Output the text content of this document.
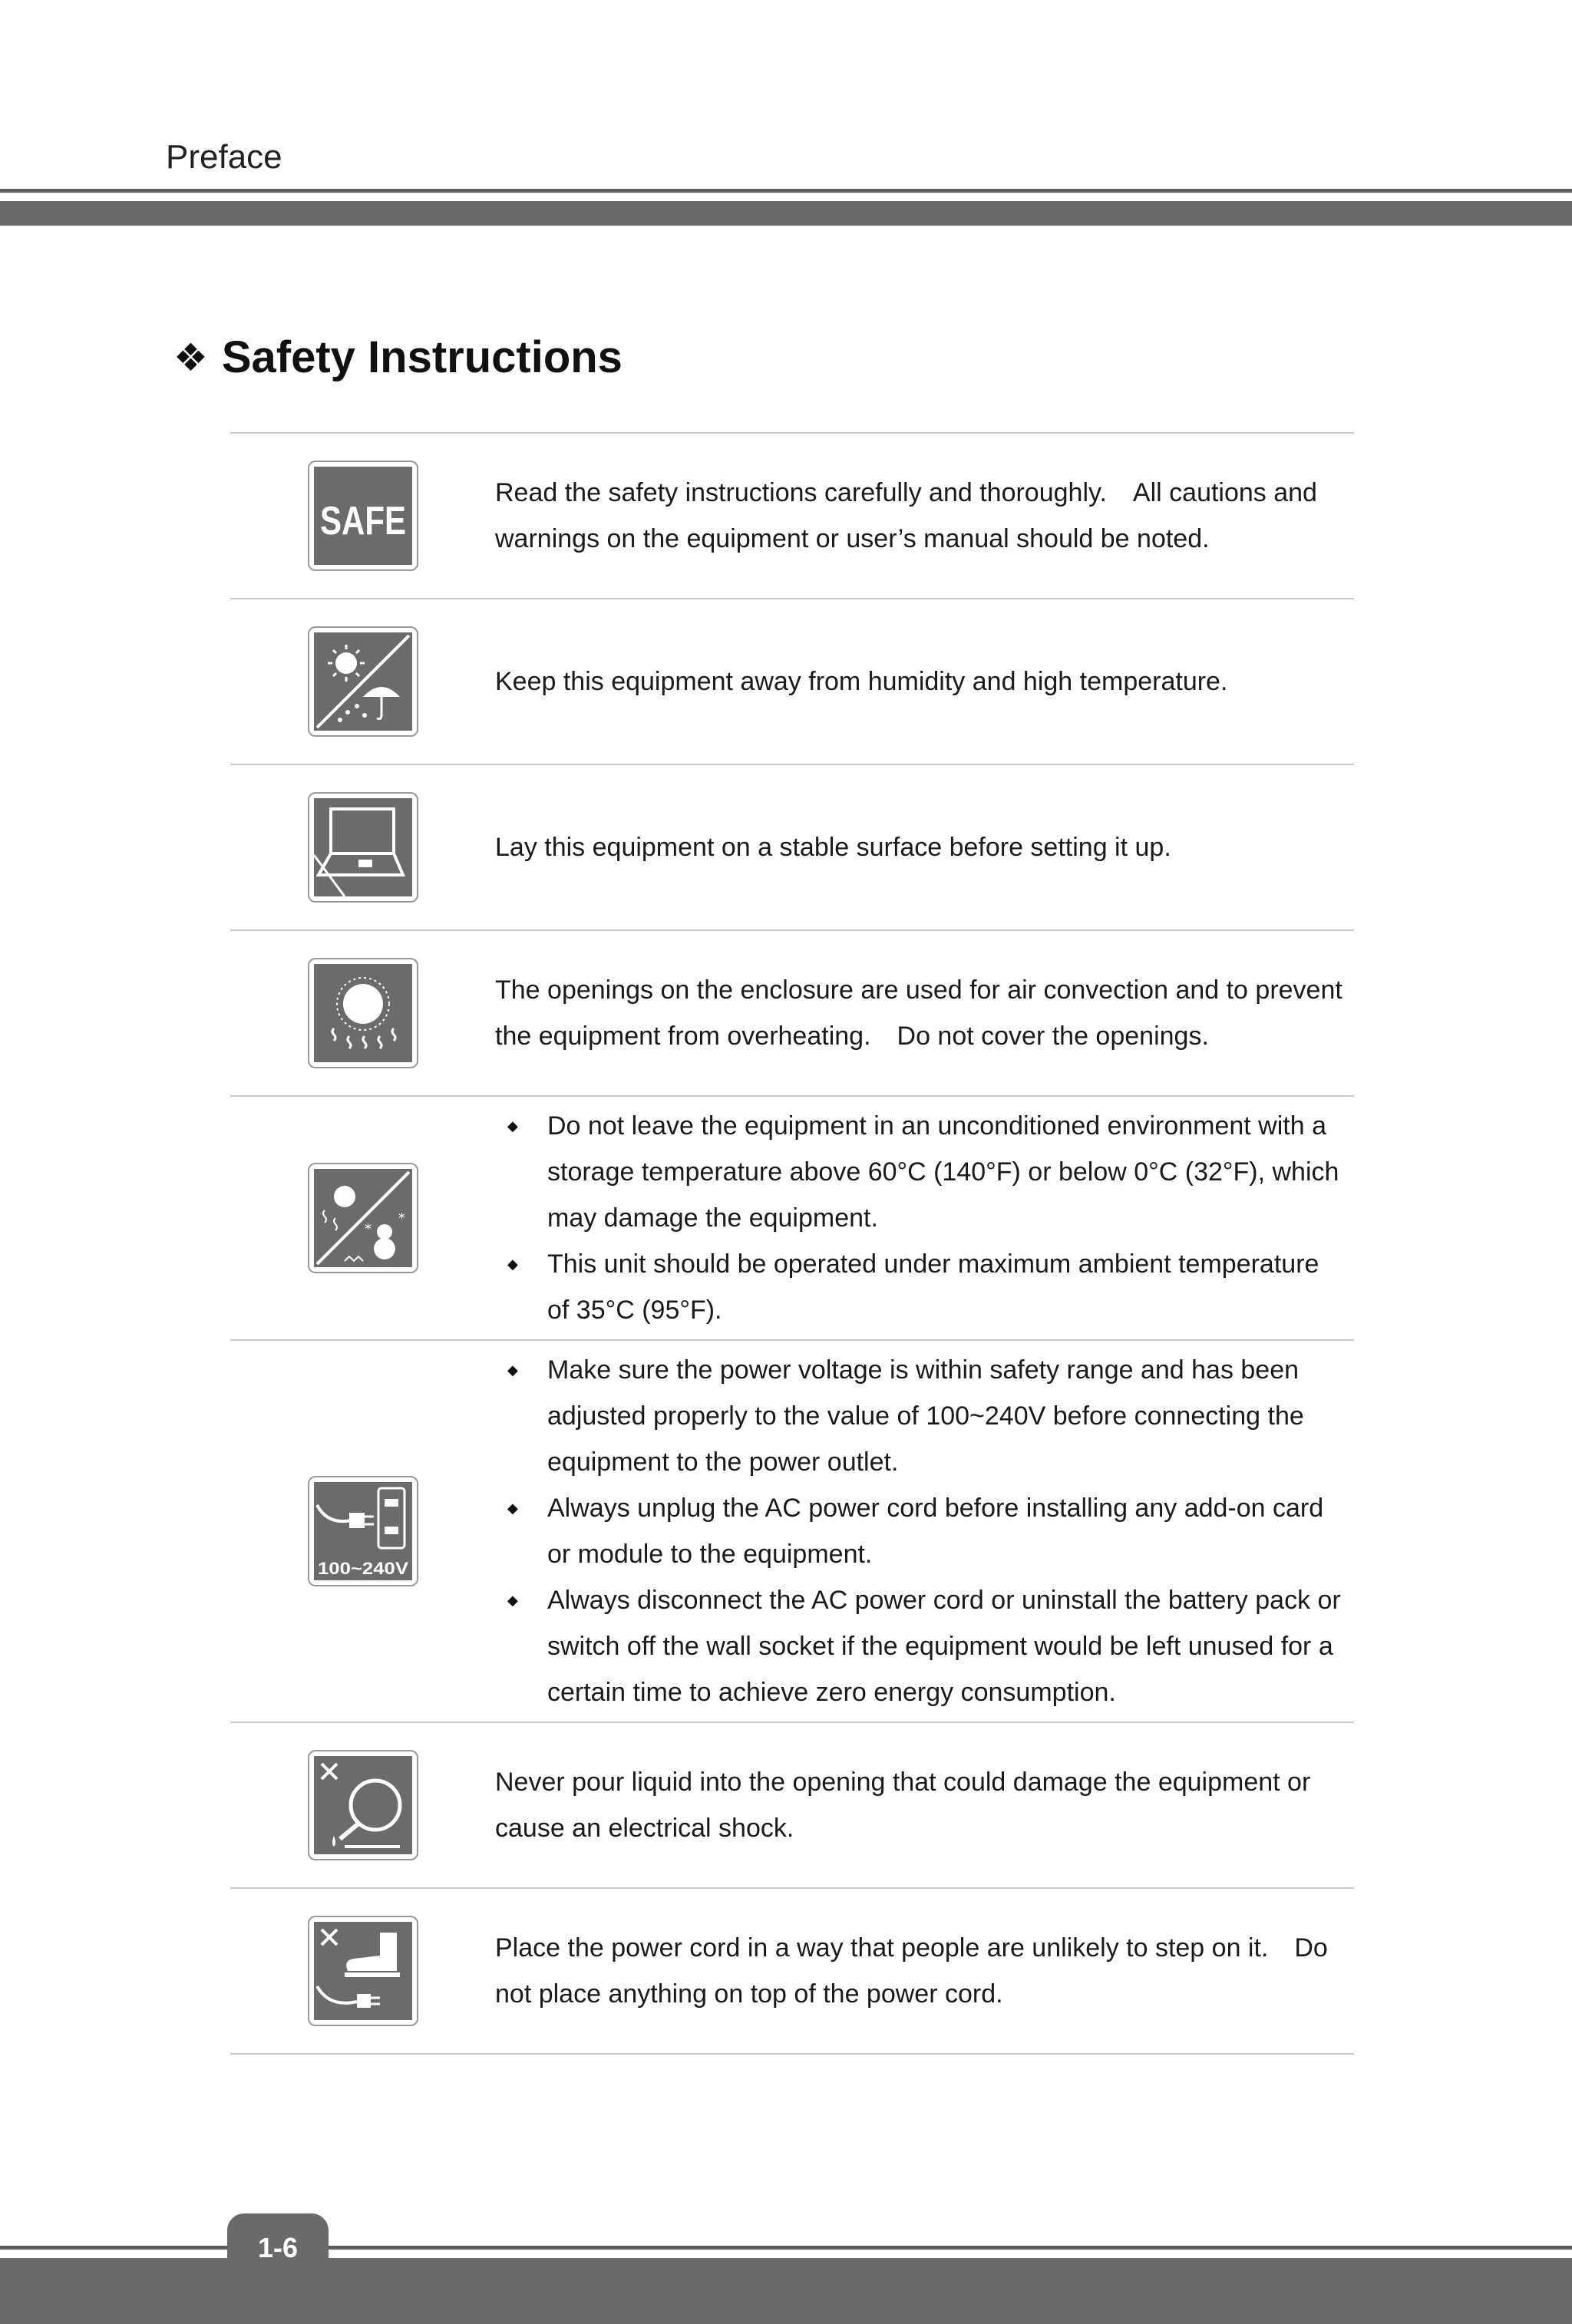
Preface
❖ Safety Instructions
SAFE

Read the safety instructions carefully and thoroughly.　All cautions and warnings on the equipment or user’s manual should be noted.

Keep this equipment away from humidity and high temperature.

Lay this equipment on a stable surface before setting it up.

The openings on the enclosure are used for air convection and to prevent the equipment from overheating.　Do not cover the openings.

*
*
◆ Do not leave the equipment in an unconditioned environment with a storage temperature above 60°C (140°F) or below 0°C (32°F), which may damage the equipment.
◆ This unit should be operated under maximum ambient temperature of 35°C (95°F).
100~240V
◆ Make sure the power voltage is within safety range and has been adjusted properly to the value of 100~240V before connecting the equipment to the power outlet.
◆ Always unplug the AC power cord before installing any add-on card or module to the equipment.
◆ Always disconnect the AC power cord or uninstall the battery pack or switch off the wall socket if the equipment would be left unused for a certain time to achieve zero energy consumption.

Never pour liquid into the opening that could damage the equipment or cause an electrical shock.

Place the power cord in a way that people are unlikely to step on it.　Do not place anything on top of the power cord.

1-6
